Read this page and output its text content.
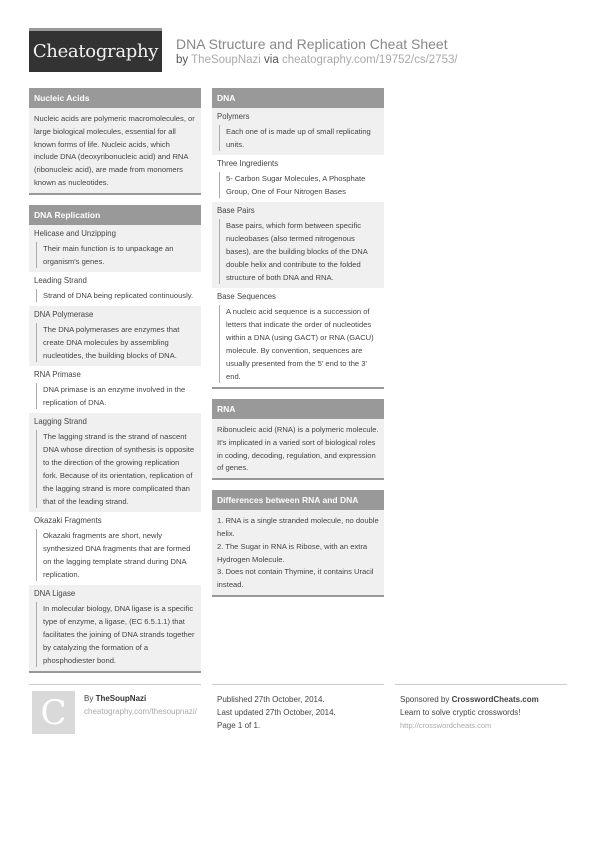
Cheatography DNA Structure and Replication Cheat Sheet
by TheSoupNazi via cheatography.com/19752/cs/2753/
Nucleic Acids
Nucleic acids are polymeric macromolecules, or large biological molecules, essential for all known forms of life. Nucleic acids, which include DNA (deoxyribonucleic acid) and RNA (ribonucleic acid), are made from monomers known as nucleotides.
DNA Replication
Helicase and Unzipping
Their main function is to unpackage an organism's genes.
Leading Strand
Strand of DNA being replicated continuously.
DNA Polymerase
The DNA polymerases are enzymes that create DNA molecules by assembling nucleotides, the building blocks of DNA.
RNA Primase
DNA primase is an enzyme involved in the replication of DNA.
Lagging Strand
The lagging strand is the strand of nascent DNA whose direction of synthesis is opposite to the direction of the growing replication fork. Because of its orientation, replication of the lagging strand is more complicated than that of the leading strand.
Okazaki Fragments
Okazaki fragments are short, newly synthesized DNA fragments that are formed on the lagging template strand during DNA replication.
DNA Ligase
In molecular biology, DNA ligase is a specific type of enzyme, a ligase, (EC 6.5.1.1) that facilitates the joining of DNA strands together by catalyzing the formation of a phosphodiester bond.
DNA
Polymers
Each one of is made up of small replicating units.
Three Ingredients
5- Carbon Sugar Molecules, A Phosphate Group, One of Four Nitrogen Bases
Base Pairs
Base pairs, which form between specific nucleobases (also termed nitrogenous bases), are the building blocks of the DNA double helix and contribute to the folded structure of both DNA and RNA.
Base Sequences
A nucleic acid sequence is a succession of letters that indicate the order of nucleotides within a DNA (using GACT) or RNA (GACU) molecule. By convention, sequences are usually presented from the 5' end to the 3' end.
RNA
Ribonucleic acid (RNA) is a polymeric molecule. It's implicated in a varied sort of biological roles in coding, decoding, regulation, and expression of genes.
Differences between RNA and DNA
1. RNA is a single stranded molecule, no double helix.
2. The Sugar in RNA is Ribose, with an extra Hydrogen Molecule.
3. Does not contain Thymine, it contains Uracil instead.
C By TheSoupNazi
cheatography.com/thesoupnazi/
Published 27th October, 2014.
Last updated 27th October, 2014.
Page 1 of 1.
Sponsored by CrosswordCheats.com
Learn to solve cryptic crosswords!
http://crosswordcheats.com
